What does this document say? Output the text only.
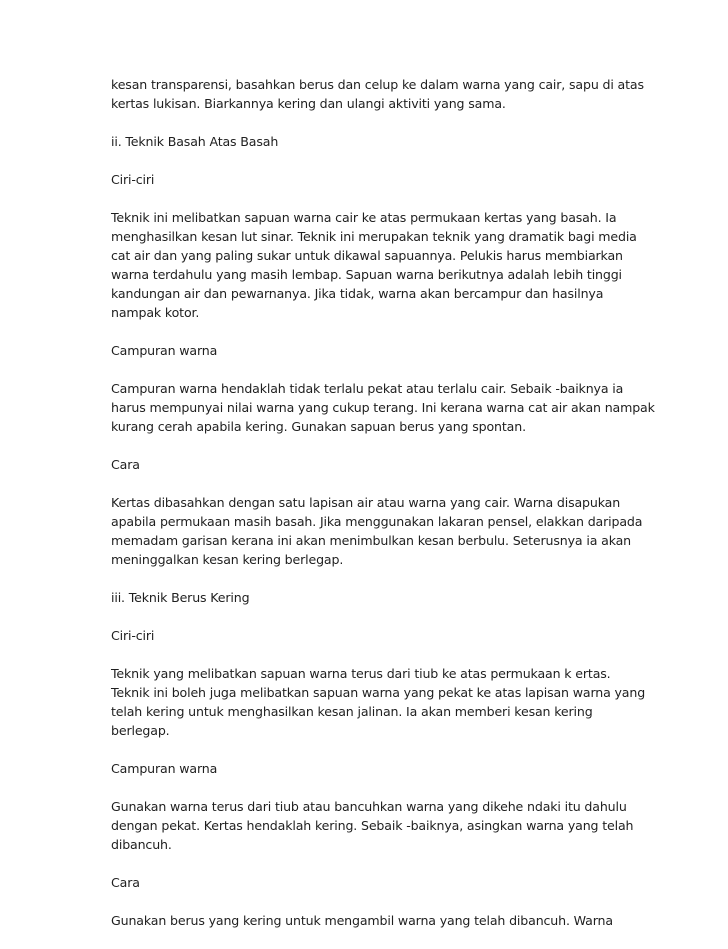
kesan transparensi, basahkan berus dan celup ke dalam warna yang cair, sapu di atas
kertas lukisan. Biarkannya kering dan ulangi aktiviti yang sama.
ii. Teknik Basah Atas Basah
Ciri-ciri
Teknik ini melibatkan sapuan warna cair ke atas permukaan kertas yang basah. Ia
menghasilkan kesan lut sinar. Teknik ini merupakan teknik yang dramatik bagi media
cat air dan yang paling sukar untuk dikawal sapuannya. Pelukis harus membiarkan
warna terdahulu yang masih lembap. Sapuan warna berikutnya adalah lebih tinggi
kandungan air dan pewarnanya. Jika tidak, warna akan bercampur dan hasilnya
nampak kotor.
Campuran warna
Campuran warna hendaklah tidak terlalu pekat atau terlalu cair. Sebaik -baiknya ia
harus mempunyai nilai warna yang cukup terang. Ini kerana warna cat air akan nampak
kurang cerah apabila kering. Gunakan sapuan berus yang spontan.
Cara
Kertas dibasahkan dengan satu lapisan air atau warna yang cair. Warna disapukan
apabila permukaan masih basah. Jika menggunakan lakaran pensel, elakkan daripada
memadam garisan kerana ini akan menimbulkan kesan berbulu. Seterusnya ia akan
meninggalkan kesan kering berlegap.
iii. Teknik Berus Kering
Ciri-ciri
Teknik yang melibatkan sapuan warna terus dari tiub ke atas permukaan k ertas.
Teknik ini boleh juga melibatkan sapuan warna yang pekat ke atas lapisan warna yang
telah kering untuk menghasilkan kesan jalinan. Ia akan memberi kesan kering
berlegap.
Campuran warna
Gunakan warna terus dari tiub atau bancuhkan warna yang dikehe ndaki itu dahulu
dengan pekat. Kertas hendaklah kering. Sebaik -baiknya, asingkan warna yang telah
dibancuh.
Cara
Gunakan berus yang kering untuk mengambil warna yang telah dibancuh. Warna
